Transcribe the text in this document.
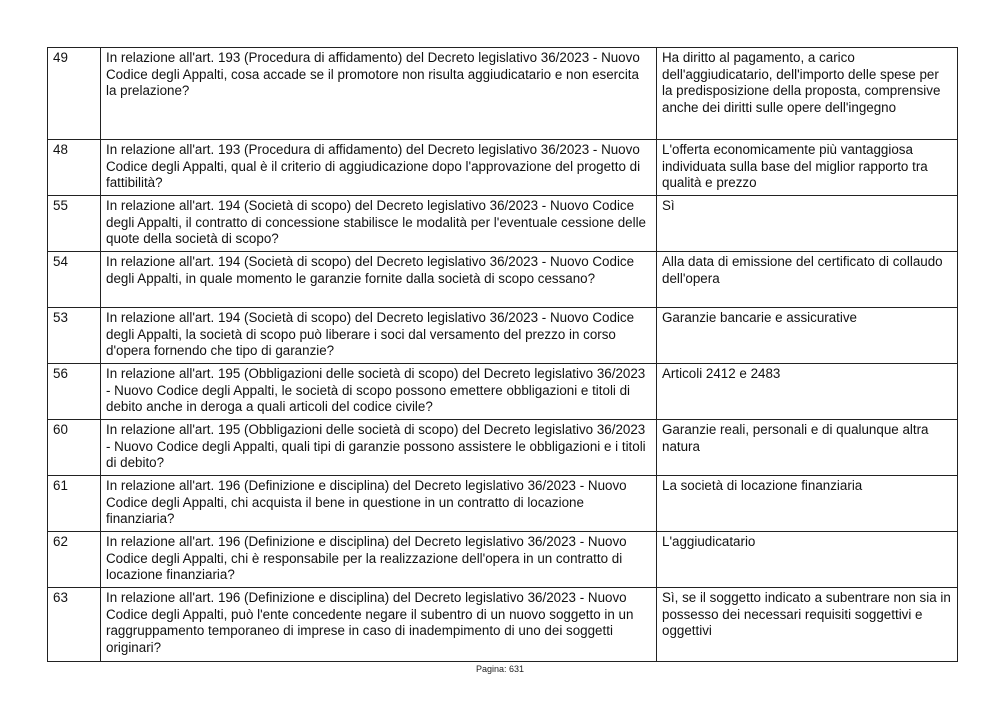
49	In relazione all'art. 193 (Procedura di affidamento) del Decreto legislativo 36/2023 - Nuovo Codice degli Appalti, cosa accade se il promotore non risulta aggiudicatario e non esercita la prelazione?	Ha diritto al pagamento, a carico dell'aggiudicatario, dell'importo delle spese per la predisposizione della proposta, comprensive anche dei diritti sulle opere dell'ingegno
48	In relazione all'art. 193 (Procedura di affidamento) del Decreto legislativo 36/2023 - Nuovo Codice degli Appalti, qual è il criterio di aggiudicazione dopo l'approvazione del progetto di fattibilità?	L'offerta economicamente più vantaggiosa individuata sulla base del miglior rapporto tra qualità e prezzo
55	In relazione all'art. 194 (Società di scopo) del Decreto legislativo 36/2023 - Nuovo Codice degli Appalti, il contratto di concessione stabilisce le modalità per l'eventuale cessione delle quote della società di scopo?	Sì
54	In relazione all'art. 194 (Società di scopo) del Decreto legislativo 36/2023 - Nuovo Codice degli Appalti, in quale momento le garanzie fornite dalla società di scopo cessano?	Alla data di emissione del certificato di collaudo dell'opera
53	In relazione all'art. 194 (Società di scopo) del Decreto legislativo 36/2023 - Nuovo Codice degli Appalti, la società di scopo può liberare i soci dal versamento del prezzo in corso d'opera fornendo che tipo di garanzie?	Garanzie bancarie e assicurative
56	In relazione all'art. 195 (Obbligazioni delle società di scopo) del Decreto legislativo 36/2023 - Nuovo Codice degli Appalti, le società di scopo possono emettere obbligazioni e titoli di debito anche in deroga a quali articoli del codice civile?	Articoli 2412 e 2483
60	In relazione all'art. 195 (Obbligazioni delle società di scopo) del Decreto legislativo 36/2023 - Nuovo Codice degli Appalti, quali tipi di garanzie possono assistere le obbligazioni e i titoli di debito?	Garanzie reali, personali e di qualunque altra natura
61	In relazione all'art. 196 (Definizione e disciplina) del Decreto legislativo 36/2023 - Nuovo Codice degli Appalti, chi acquista il bene in questione in un contratto di locazione finanziaria?	La società di locazione finanziaria
62	In relazione all'art. 196 (Definizione e disciplina) del Decreto legislativo 36/2023 - Nuovo Codice degli Appalti, chi è responsabile per la realizzazione dell'opera in un contratto di locazione finanziaria?	L'aggiudicatario
63	In relazione all'art. 196 (Definizione e disciplina) del Decreto legislativo 36/2023 - Nuovo Codice degli Appalti, può l'ente concedente negare il subentro di un nuovo soggetto in un raggruppamento temporaneo di imprese in caso di inadempimento di uno dei soggetti originari?	Sì, se il soggetto indicato a subentrare non sia in possesso dei necessari requisiti soggettivi e oggettivi
Pagina: 631
